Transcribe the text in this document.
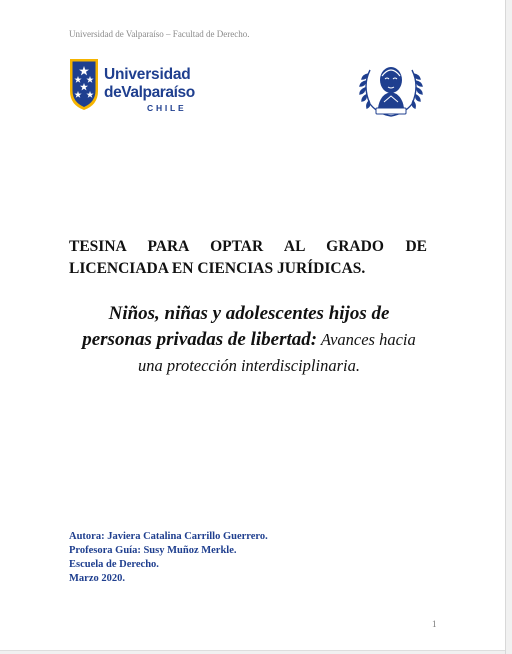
Universidad de Valparaíso – Facultad de Derecho.
Universidad
deValparaíso
CHILE
TESINA PARA OPTAR AL GRADO DE
LICENCIADA EN CIENCIAS JURÍDICAS.
Niños, niñas y adolescentes hijos de
personas privadas de libertad: Avances hacia
una protección interdisciplinaria.
Autora: Javiera Catalina Carrillo Guerrero.
Profesora Guía: Susy Muñoz Merkle.
Escuela de Derecho.
Marzo 2020.
1
